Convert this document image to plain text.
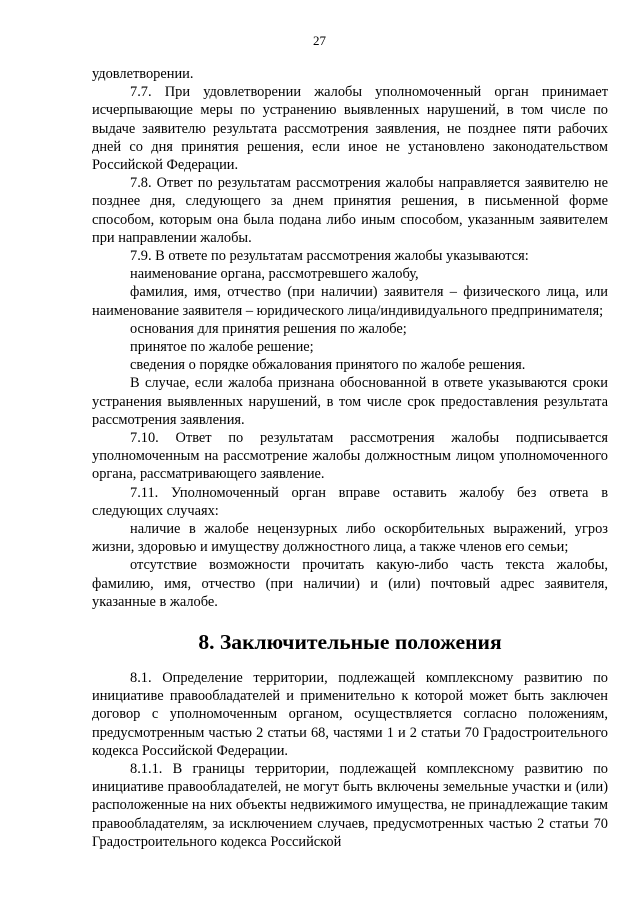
27

удовлетворении.

7.7. При удовлетворении жалобы уполномоченный орган принимает исчерпывающие меры по устранению выявленных нарушений, в том числе по выдаче заявителю результата рассмотрения заявления, не позднее пяти рабочих дней со дня принятия решения, если иное не установлено законодательством Российской Федерации.

7.8. Ответ по результатам рассмотрения жалобы направляется заявителю не позднее дня, следующего за днем принятия решения, в письменной форме способом, которым она была подана либо иным способом, указанным заявителем при направлении жалобы.

7.9. В ответе по результатам рассмотрения жалобы указываются:

наименование органа, рассмотревшего жалобу,

фамилия, имя, отчество (при наличии) заявителя – физического лица, или наименование заявителя – юридического лица/индивидуального предпринимателя;

основания для принятия решения по жалобе;

принятое по жалобе решение;

сведения о порядке обжалования принятого по жалобе решения.

В случае, если жалоба признана обоснованной в ответе указываются сроки устранения выявленных нарушений, в том числе срок предоставления результата рассмотрения заявления.

7.10. Ответ по результатам рассмотрения жалобы подписывается уполномоченным на рассмотрение жалобы должностным лицом уполномоченного органа, рассматривающего заявление.

7.11. Уполномоченный орган вправе оставить жалобу без ответа в следующих случаях:

наличие в жалобе нецензурных либо оскорбительных выражений, угроз жизни, здоровью и имуществу должностного лица, а также членов его семьи;

отсутствие возможности прочитать какую-либо часть текста жалобы, фамилию, имя, отчество (при наличии) и (или) почтовый адрес заявителя, указанные в жалобе.

8. Заключительные положения

8.1. Определение территории, подлежащей комплексному развитию по инициативе правообладателей и применительно к которой может быть заключен договор с уполномоченным органом, осуществляется согласно положениям, предусмотренным частью 2 статьи 68, частями 1 и 2 статьи 70 Градостроительного кодекса Российской Федерации.

8.1.1. В границы территории, подлежащей комплексному развитию по инициативе правообладателей, не могут быть включены земельные участки и (или) расположенные на них объекты недвижимого имущества, не принадлежащие таким правообладателям, за исключением случаев, предусмотренных частью 2 статьи 70 Градостроительного кодекса Российской
